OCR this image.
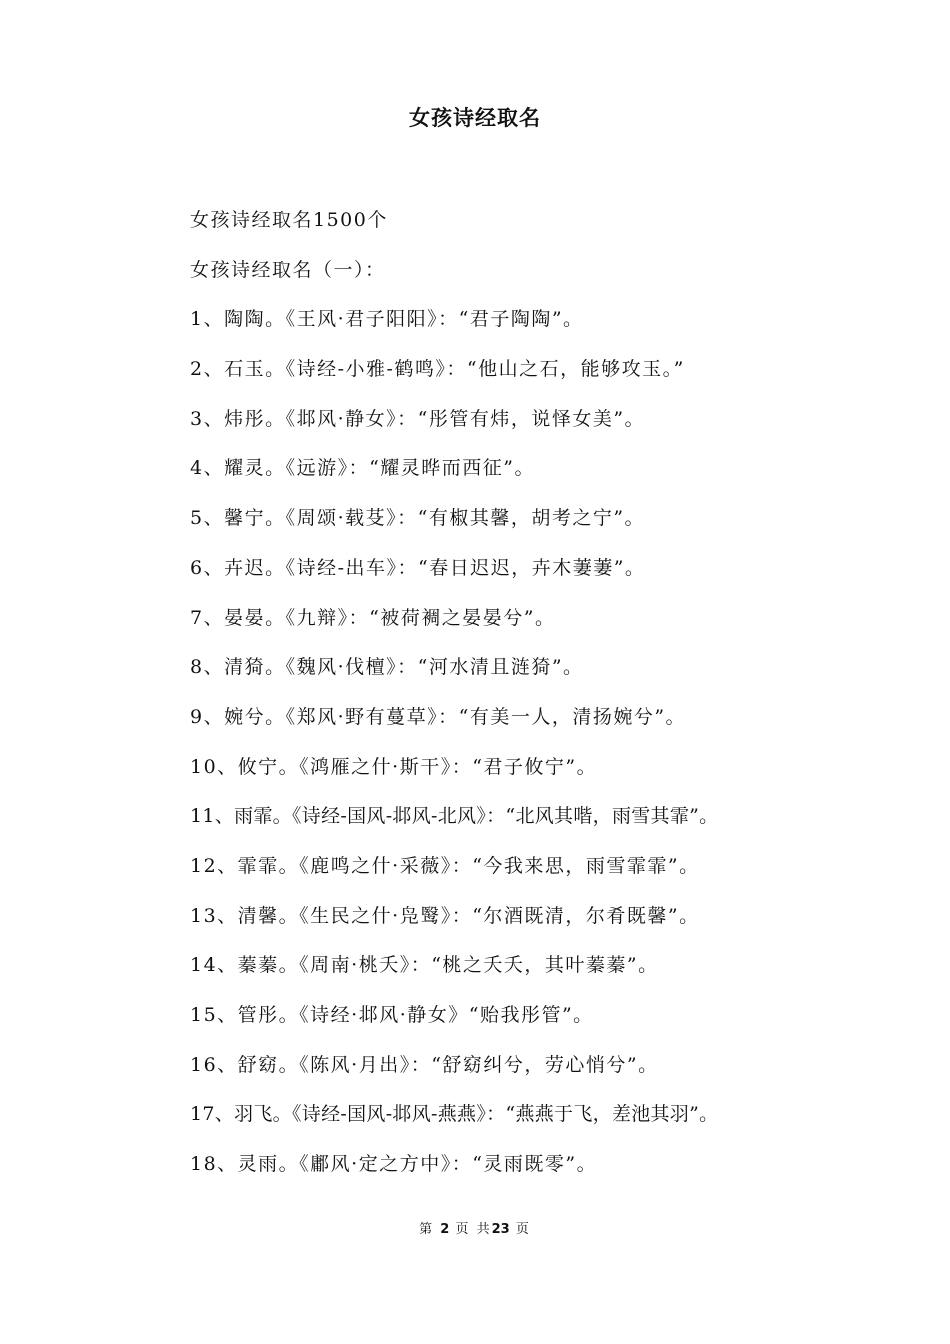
女孩诗经取名
女孩诗经取名1500个
女孩诗经取名（一）：
1、陶陶。《王风·君子阳阳》：“君子陶陶”。
2、石玉。《诗经-小雅-鹤鸣》：“他山之石，能够攻玉。”
3、炜彤。《邶风·静女》：“彤管有炜，说怿女美”。
4、耀灵。《远游》：“耀灵晔而西征”。
5、馨宁。《周颂·载芟》：“有椒其馨，胡考之宁”。
6、卉迟。《诗经-出车》：“春日迟迟，卉木萋萋”。
7、晏晏。《九辩》：“被荷裯之晏晏兮”。
8、清猗。《魏风·伐檀》：“河水清且涟猗”。
9、婉兮。《郑风·野有蔓草》：“有美一人，清扬婉兮”。
10、攸宁。《鸿雁之什·斯干》：“君子攸宁”。
11、雨霏。《诗经-国风-邶风-北风》：“北风其喈，雨雪其霏”。
12、霏霏。《鹿鸣之什·采薇》：“今我来思，雨雪霏霏”。
13、清馨。《生民之什·凫鹥》：“尔酒既清，尔肴既馨”。
14、蓁蓁。《周南·桃夭》：“桃之夭夭，其叶蓁蓁”。
15、管彤。《诗经·邶风·静女》“贻我彤管”。
16、舒窈。《陈风·月出》：“舒窈纠兮，劳心悄兮”。
17、羽飞。《诗经-国风-邶风-燕燕》：“燕燕于飞，差池其羽”。
18、灵雨。《鄘风·定之方中》：“灵雨既零”。
第 2 页 共23 页
